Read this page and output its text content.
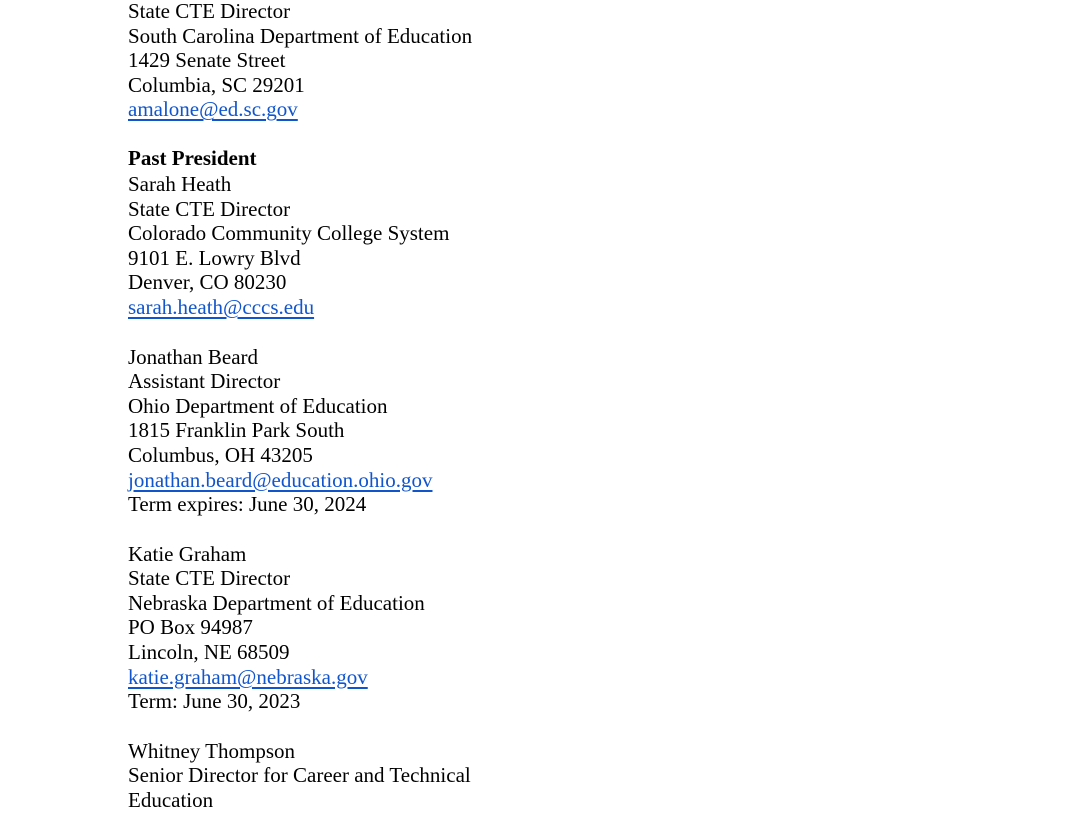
State CTE Director
South Carolina Department of Education
1429 Senate Street
Columbia, SC 29201
amalone@ed.sc.gov
Past President
Sarah Heath
State CTE Director
Colorado Community College System
9101 E. Lowry Blvd
Denver, CO 80230
sarah.heath@cccs.edu
Jonathan Beard
Assistant Director
Ohio Department of Education
1815 Franklin Park South
Columbus, OH 43205
jonathan.beard@education.ohio.gov
Term expires: June 30, 2024
Katie Graham
State CTE Director
Nebraska Department of Education
PO Box 94987
Lincoln, NE 68509
katie.graham@nebraska.gov
Term: June 30, 2023
Whitney Thompson
Senior Director for Career and Technical
Education
